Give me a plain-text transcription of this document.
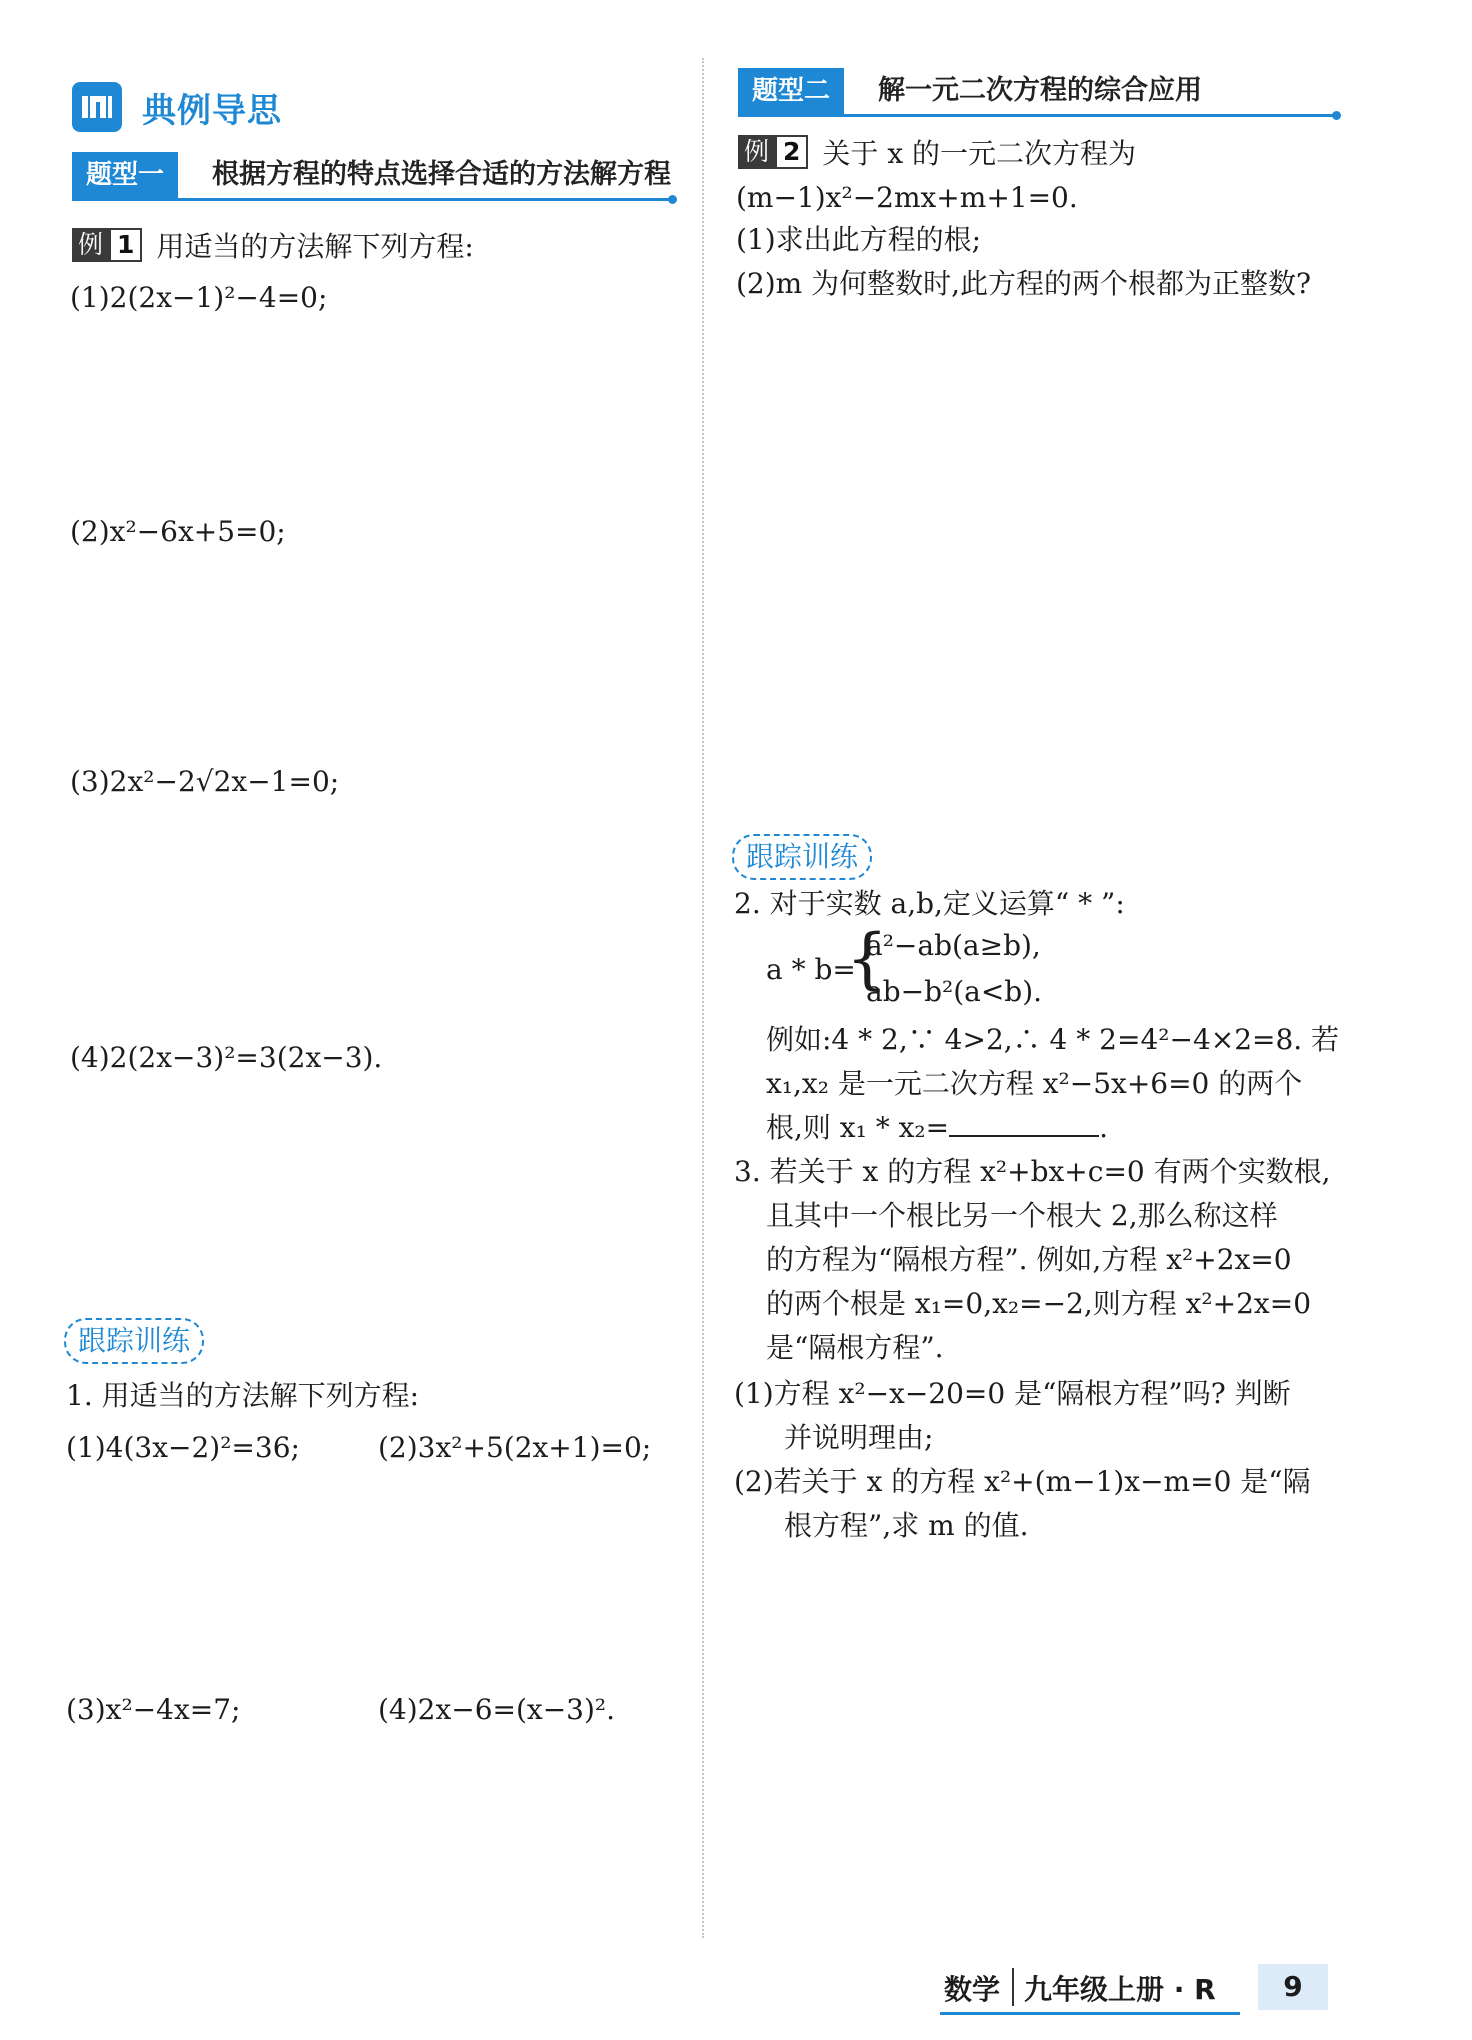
典例导思
题型一	根据方程的特点选择合适的方法解方程
例 1 用适当的方法解下列方程:
(1)2(2x−1)²−4=0;
(2)x²−6x+5=0;
(3)2x²−2√2x−1=0;
(4)2(2x−3)²=3(2x−3).
跟踪训练
1. 用适当的方法解下列方程:
(1)4(3x−2)²=36;	(2)3x²+5(2x+1)=0;
(3)x²−4x=7;	(4)2x−6=(x−3)².
题型二	解一元二次方程的综合应用
例 2 关于 x 的一元二次方程为
(m−1)x²−2mx+m+1=0.
(1)求出此方程的根;
(2)m 为何整数时,此方程的两个根都为正整数?
跟踪训练
2. 对于实数 a,b,定义运算“ * ”:
a * b=
{
a²−ab(a≥b),
ab−b²(a<b).
例如:4 * 2,∵ 4>2,∴ 4 * 2=4²−4×2=8. 若
x₁,x₂ 是一元二次方程 x²−5x+6=0 的两个
根,则 x₁ * x₂=	.
3. 若关于 x 的方程 x²+bx+c=0 有两个实数根,
且其中一个根比另一个根大 2,那么称这样
的方程为“隔根方程”. 例如,方程 x²+2x=0
的两个根是 x₁=0,x₂=−2,则方程 x²+2x=0
是“隔根方程”.
(1)方程 x²−x−20=0 是“隔根方程”吗? 判断
并说明理由;
(2)若关于 x 的方程 x²+(m−1)x−m=0 是“隔
根方程”,求 m 的值.
数学 九年级上册 · R	9
